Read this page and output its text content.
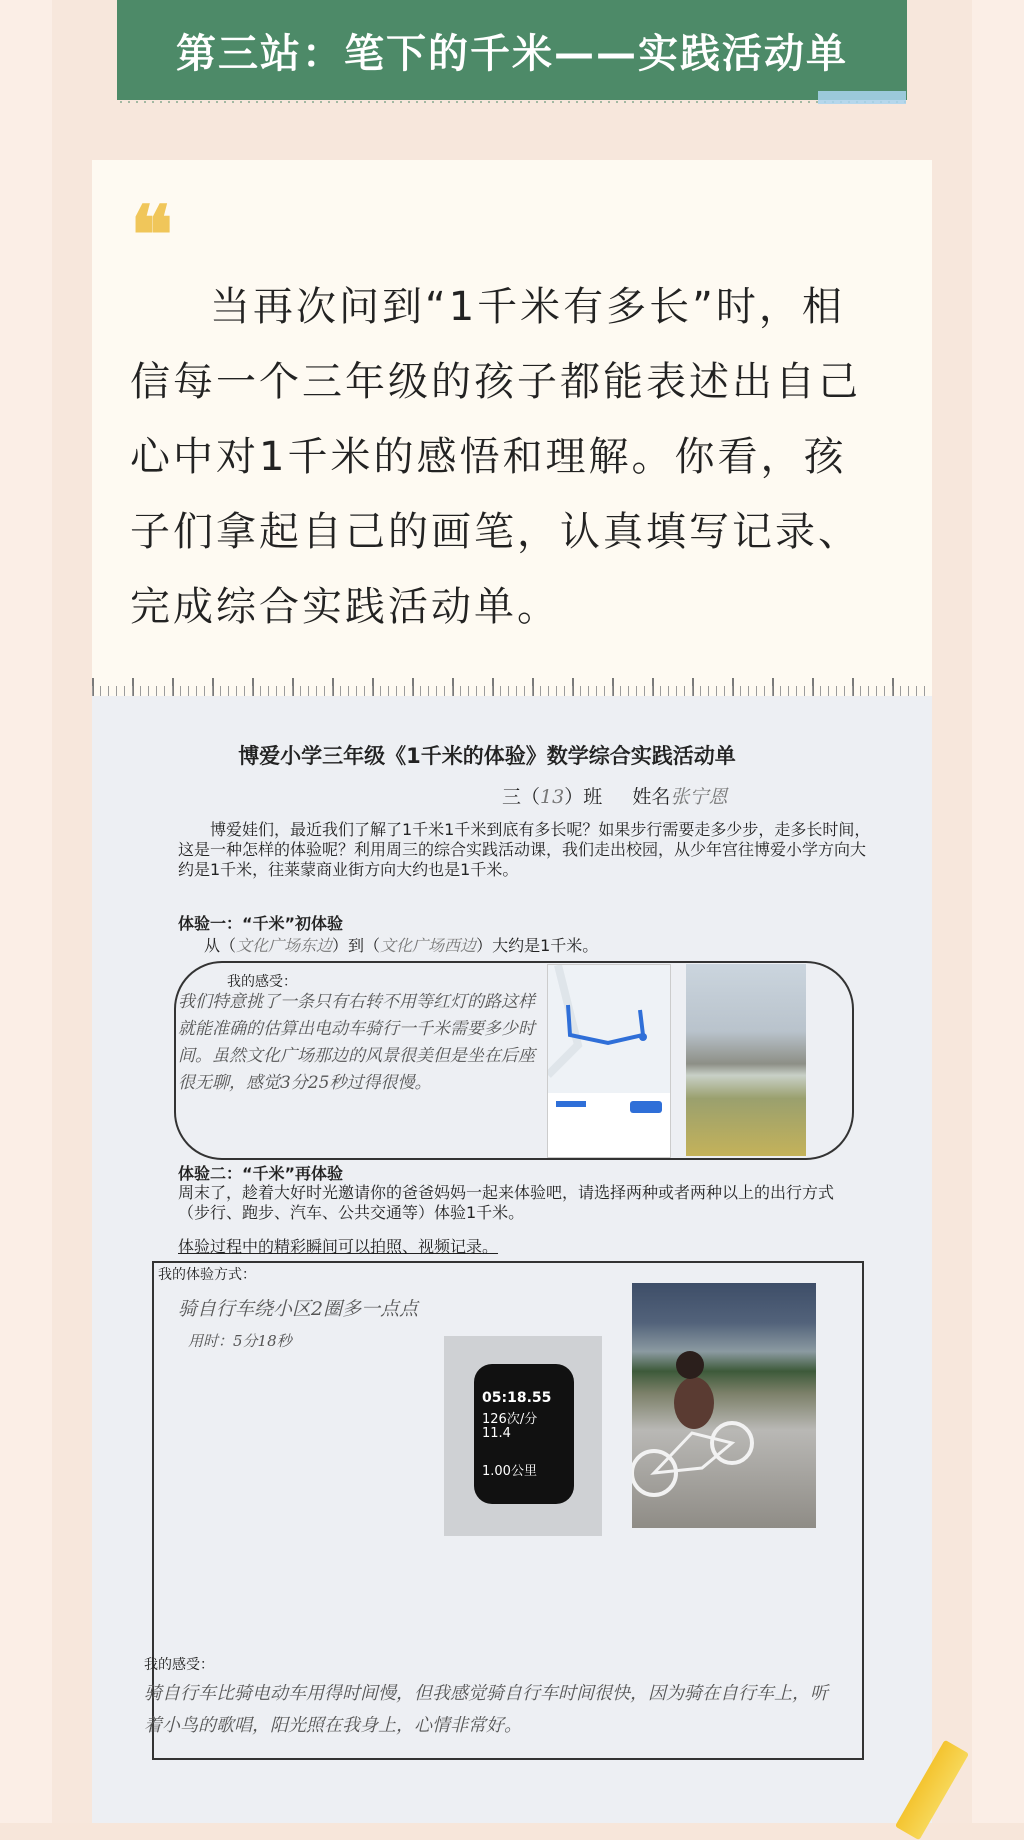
第三站：笔下的千米——实践活动单
❝
当再次问到“1千米有多长”时，相信每一个三年级的孩子都能表述出自己心中对1千米的感悟和理解。你看，孩子们拿起自己的画笔，认真填写记录、完成综合实践活动单。
博爱小学三年级《1千米的体验》数学综合实践活动单
三（13）班 姓名张宁恩
博爱娃们，最近我们了解了1千米1千米到底有多长呢？如果步行需要走多少步，走多长时间，这是一种怎样的体验呢？利用周三的综合实践活动课，我们走出校园，从少年宫往博爱小学方向大约是1千米，往莱蒙商业街方向大约也是1千米。
体验一：“千米”初体验
从（文化广场东边）到（文化广场西边）大约是1千米。
我的感受：
我们特意挑了一条只有右转不用等红灯的路这样就能准确的估算出电动车骑行一千米需要多少时间。虽然文化广场那边的风景很美但是坐在后座很无聊，感觉3分25秒过得很慢。
体验二：“千米”再体验
周末了，趁着大好时光邀请你的爸爸妈妈一起来体验吧，请选择两种或者两种以上的出行方式（步行、跑步、汽车、公共交通等）体验1千米。
体验过程中的精彩瞬间可以拍照、视频记录。
我的体验方式：
骑自行车绕小区2圈多一点点
用时：5分18秒
05:18.55
126次/分
11.4
1.00公里
我的感受：
骑自行车比骑电动车用得时间慢，但我感觉骑自行车时间很快，因为骑在自行车上，听着小鸟的歌唱，阳光照在我身上，心情非常好。
